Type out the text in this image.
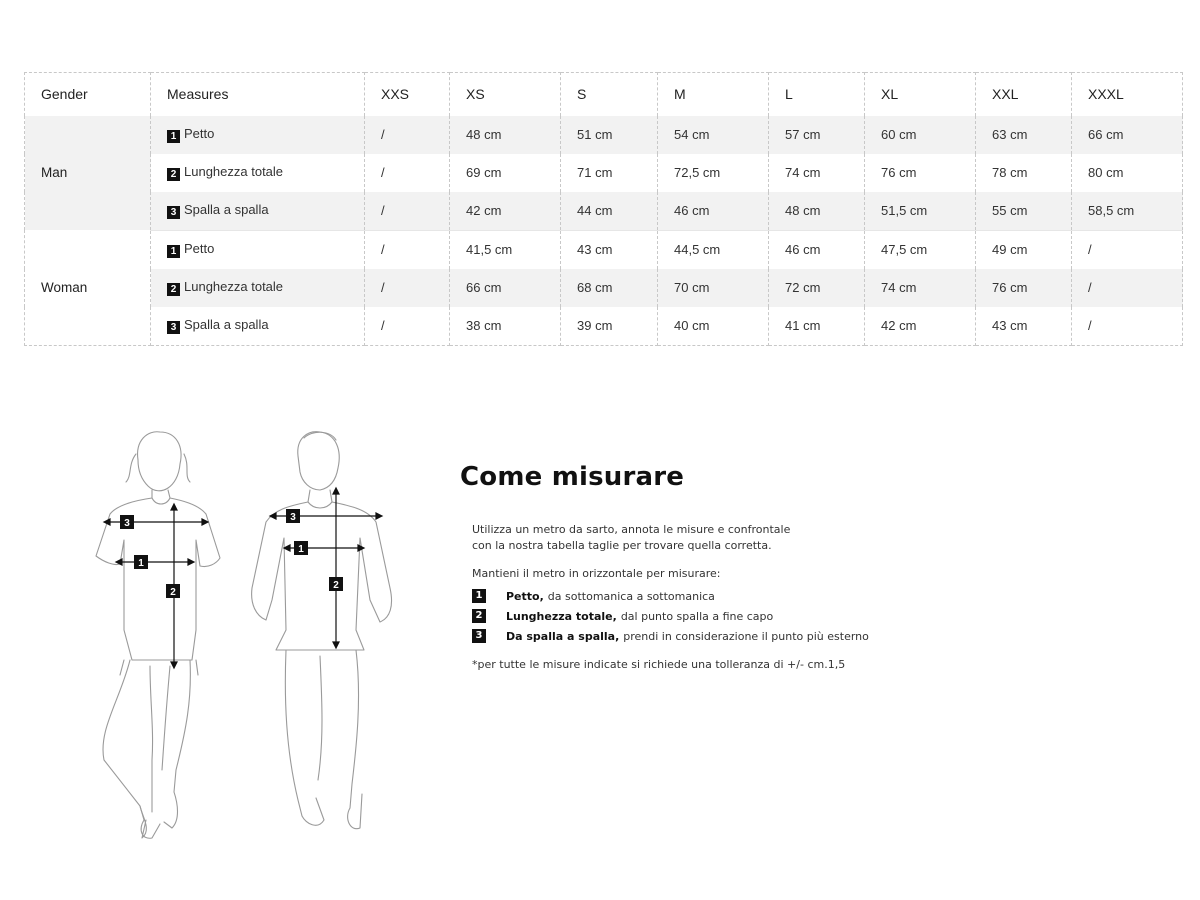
Gender	Measures	XXS	XS	S	M	L	XL	XXL	XXXL
Man	1 Petto	/	48 cm	51 cm	54 cm	57 cm	60 cm	63 cm	66 cm
	2 Lunghezza totale	/	69 cm	71 cm	72,5 cm	74 cm	76 cm	78 cm	80 cm
	3 Spalla a spalla	/	42 cm	44 cm	46 cm	48 cm	51,5 cm	55 cm	58,5 cm
Woman	1 Petto	/	41,5 cm	43 cm	44,5 cm	46 cm	47,5 cm	49 cm	/
	2 Lunghezza totale	/	66 cm	68 cm	70 cm	72 cm	74 cm	76 cm	/
	3 Spalla a spalla	/	38 cm	39 cm	40 cm	41 cm	42 cm	43 cm	/
3
1
2
3
1
2
Come misurare
Utilizza un metro da sarto, annota le misure e confrontale
con la nostra tabella taglie per trovare quella corretta.
Mantieni il metro in orizzontale per misurare:
1	Petto, da sottomanica a sottomanica
2	Lunghezza totale, dal punto spalla a fine capo
3	Da spalla a spalla, prendi in considerazione il punto più esterno
*per tutte le misure indicate si richiede una tolleranza di +/- cm.1,5
